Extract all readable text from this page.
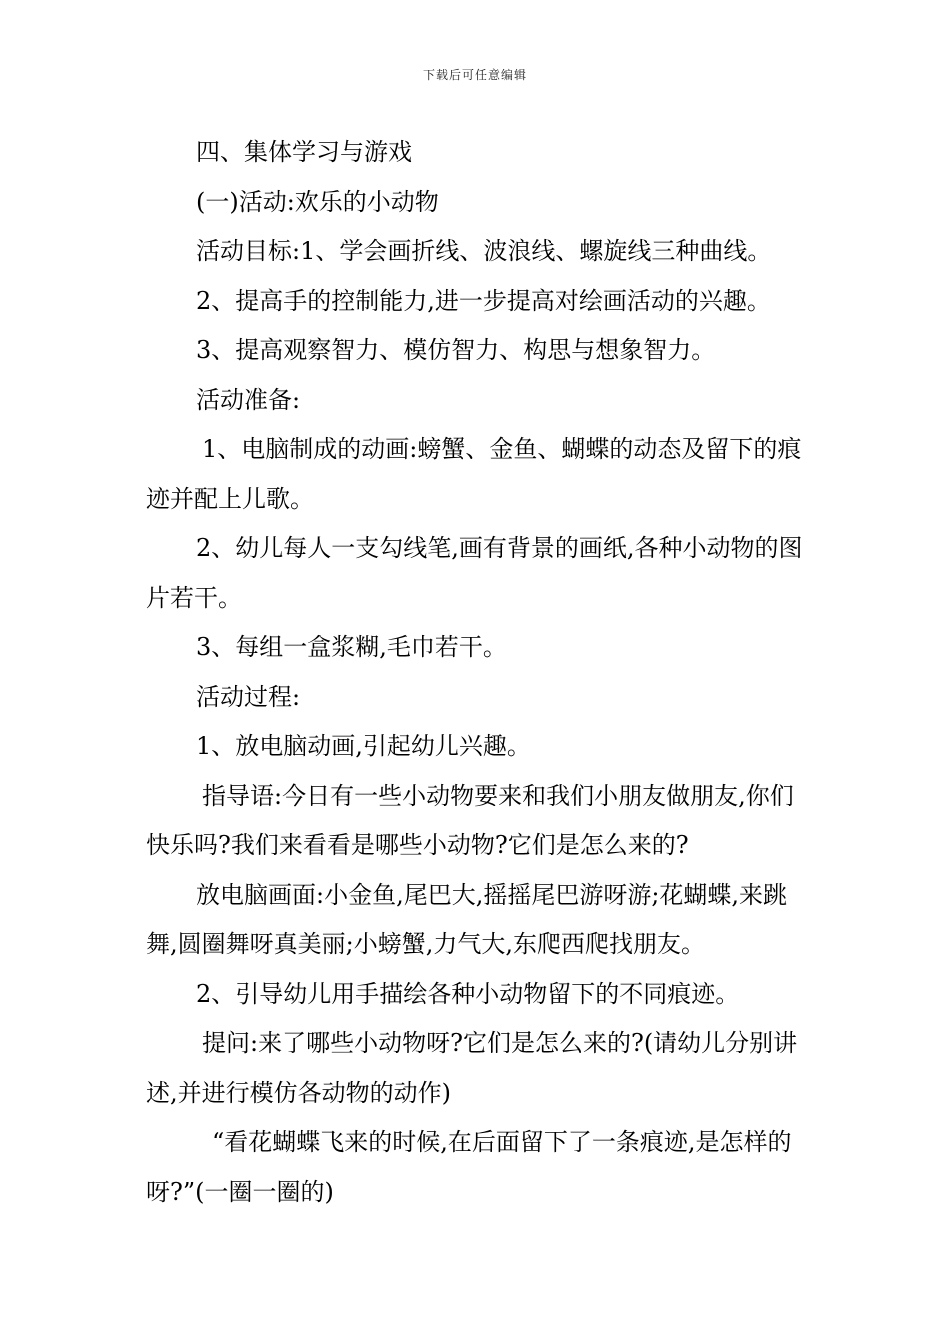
下载后可任意编辑

四、集体学习与游戏

(一)活动:欢乐的小动物

活动目标:1、学会画折线、波浪线、螺旋线三种曲线。

2、提高手的控制能力,进一步提高对绘画活动的兴趣。

3、提高观察智力、模仿智力、构思与想象智力。

活动准备:

1、电脑制成的动画:螃蟹、金鱼、蝴蝶的动态及留下的痕迹并配上儿歌。

2、幼儿每人一支勾线笔,画有背景的画纸,各种小动物的图片若干。

3、每组一盒浆糊,毛巾若干。

活动过程:

1、放电脑动画,引起幼儿兴趣。

指导语:今日有一些小动物要来和我们小朋友做朋友,你们快乐吗?我们来看看是哪些小动物?它们是怎么来的?

放电脑画面:小金鱼,尾巴大,摇摇尾巴游呀游;花蝴蝶,来跳舞,圆圈舞呀真美丽;小螃蟹,力气大,东爬西爬找朋友。

2、引导幼儿用手描绘各种小动物留下的不同痕迹。

提问:来了哪些小动物呀?它们是怎么来的?(请幼儿分别讲述,并进行模仿各动物的动作)

“看花蝴蝶飞来的时候,在后面留下了一条痕迹,是怎样的呀?”(一圈一圈的)
